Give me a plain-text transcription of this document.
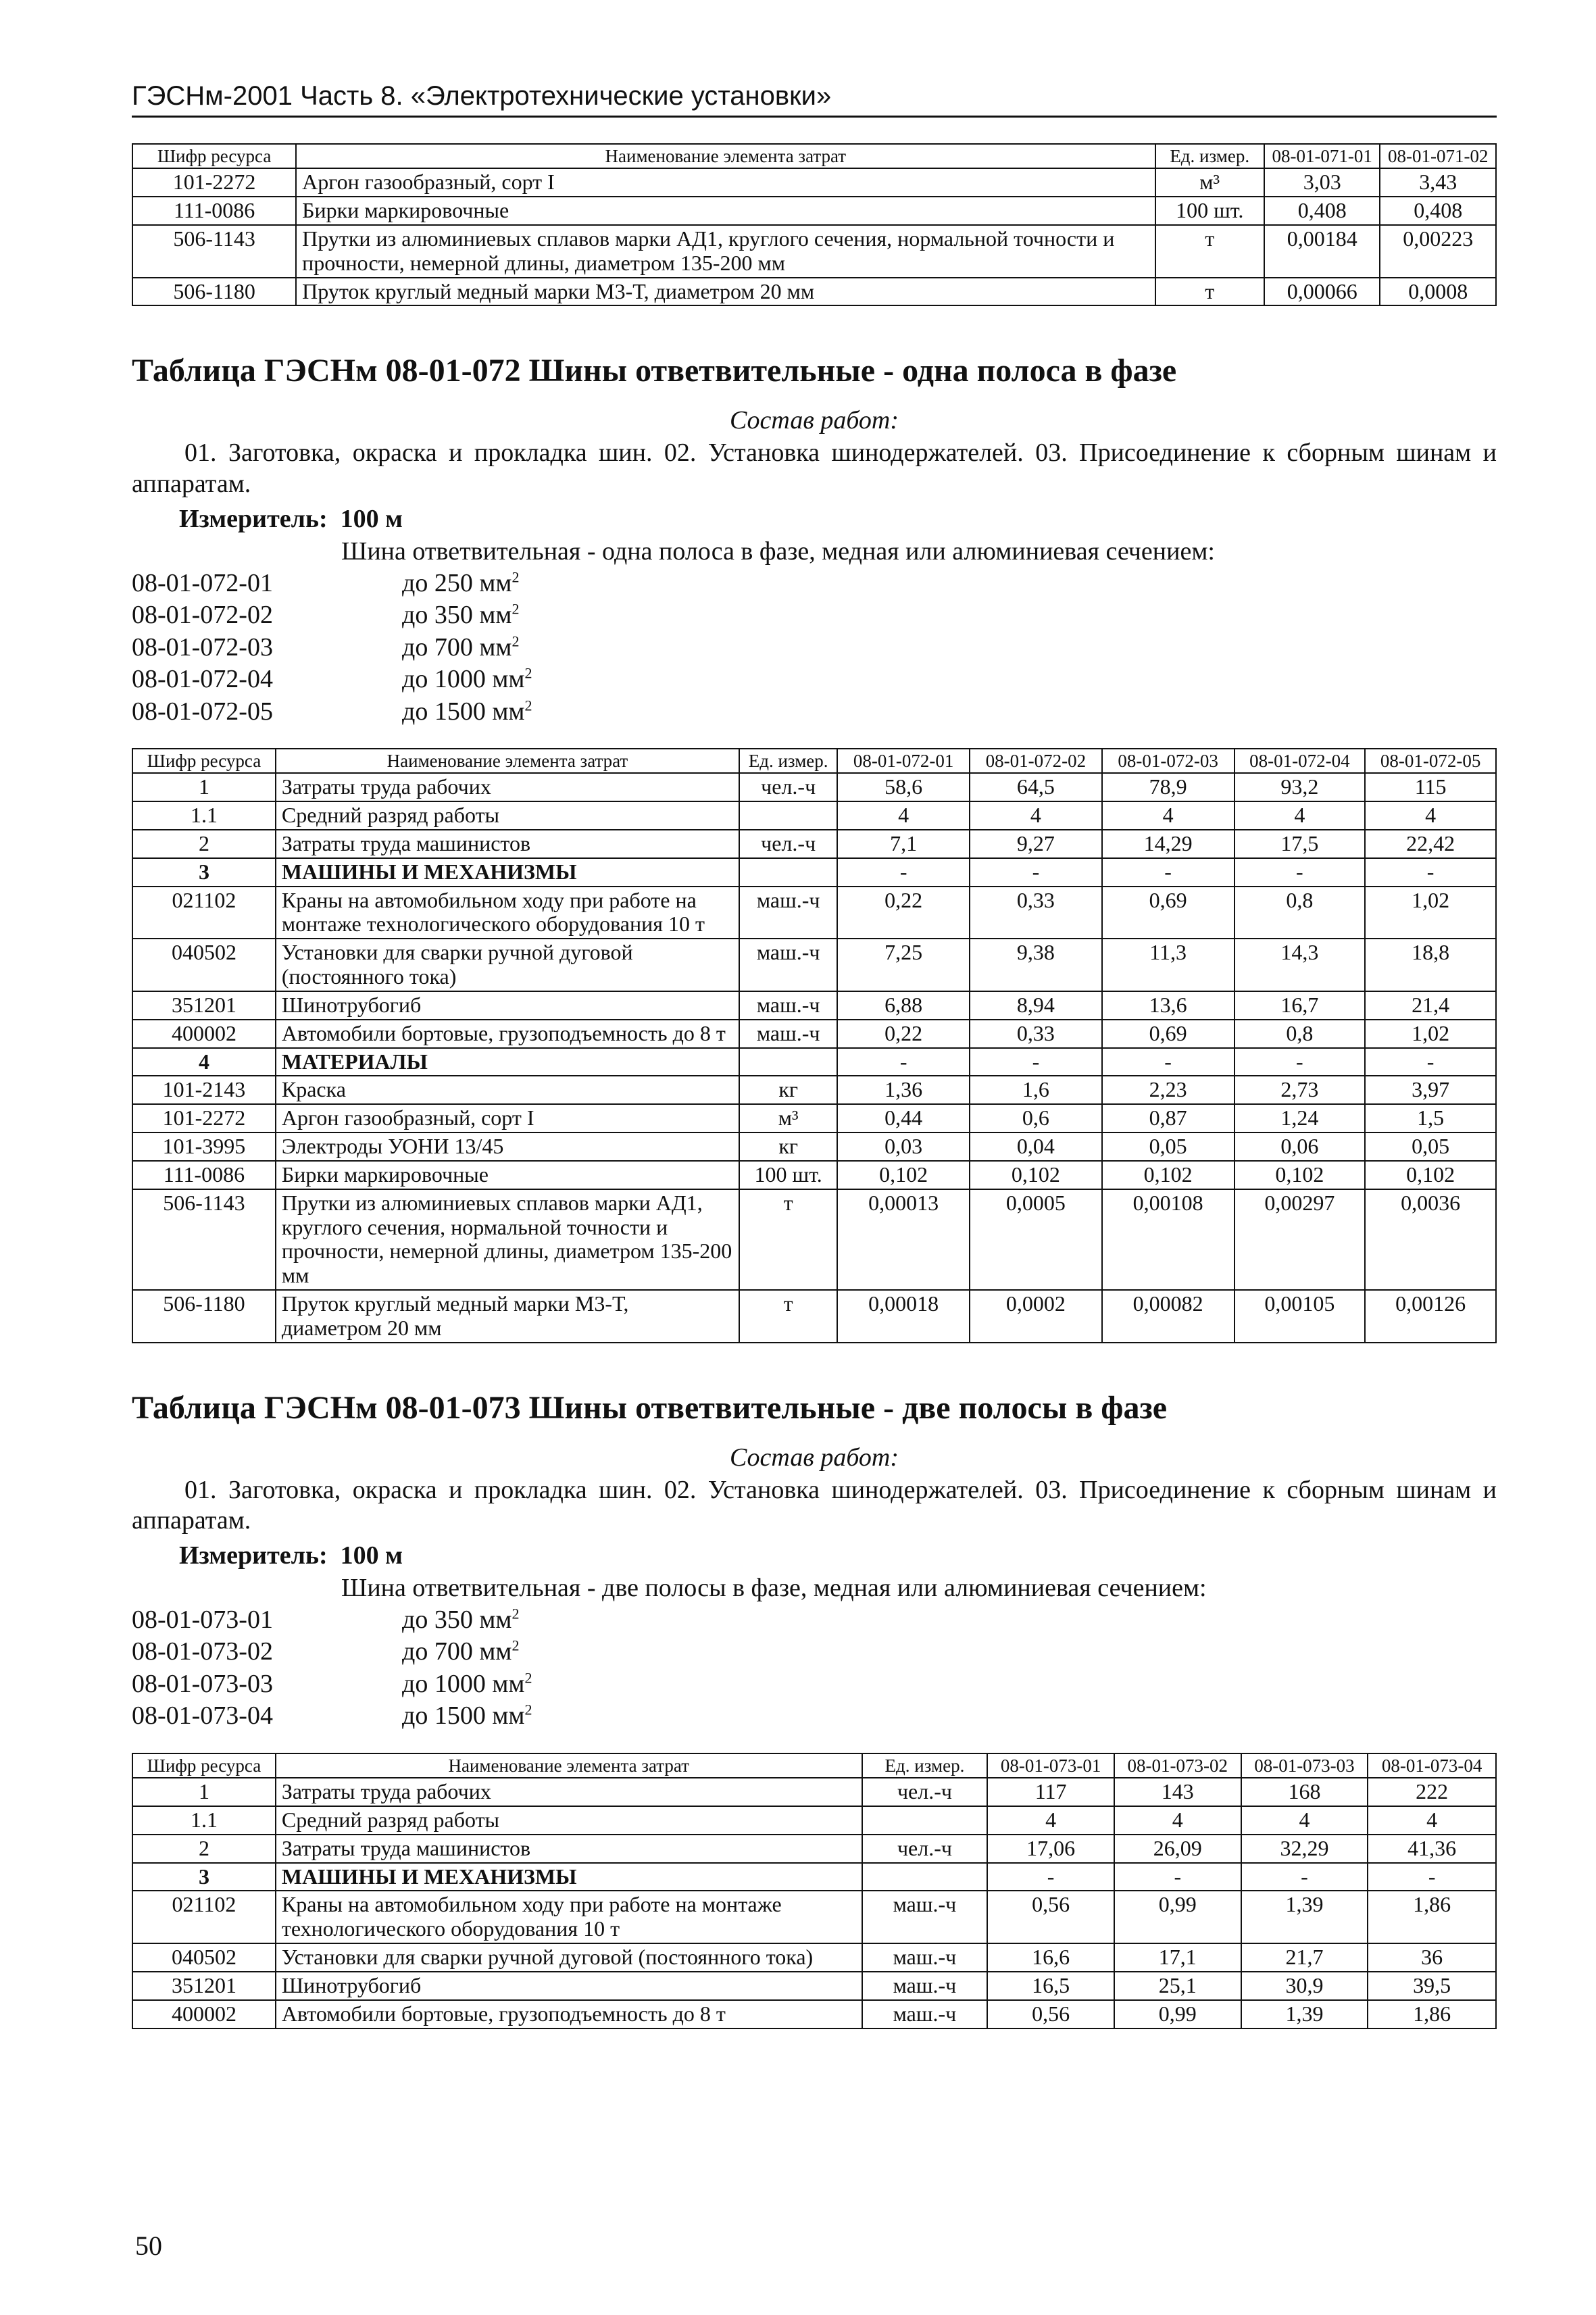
ГЭСНм-2001 Часть 8. «Электротехнические установки»
Шифр ресурса	Наименование элемента затрат	Ед. измер.	08-01-071-01	08-01-071-02
101-2272	Аргон газообразный, сорт I	м³	3,03	3,43
111-0086	Бирки маркировочные	100 шт.	0,408	0,408
506-1143	Прутки из алюминиевых сплавов марки АД1, круглого сечения, нормальной точности и прочности, немерной длины, диаметром 135-200 мм	т	0,00184	0,00223
506-1180	Пруток круглый медный марки М3-Т, диаметром 20 мм	т	0,00066	0,0008
Таблица ГЭСНм 08-01-072 Шины ответвительные - одна полоса в фазе
Состав работ:

01. Заготовка, окраска и прокладка шин. 02. Установка шинодержателей. 03. Присоединение к сборным шинам и аппаратам.

Измеритель: 100 м
Шина ответвительная - одна полоса в фазе, медная или алюминиевая сечением:
08-01-072-01	до 250 $мм^2$
08-01-072-02	до 350 $мм^2$
08-01-072-03	до 700 $мм^2$
08-01-072-04	до 1000 $мм^2$
08-01-072-05	до 1500 $мм^2$
Шифр ресурса	Наименование элемента затрат	Ед. измер.	08-01-072-01	08-01-072-02	08-01-072-03	08-01-072-04	08-01-072-05
1	Затраты труда рабочих	чел.-ч	58,6	64,5	78,9	93,2	115
1.1	Средний разряд работы		4	4	4	4	4
2	Затраты труда машинистов	чел.-ч	7,1	9,27	14,29	17,5	22,42
3	МАШИНЫ И МЕХАНИЗМЫ		-	-	-	-	-
021102	Краны на автомобильном ходу при работе на монтаже технологического оборудования 10 т	маш.-ч	0,22	0,33	0,69	0,8	1,02
040502	Установки для сварки ручной дуговой (постоянного тока)	маш.-ч	7,25	9,38	11,3	14,3	18,8
351201	Шинотрубогиб	маш.-ч	6,88	8,94	13,6	16,7	21,4
400002	Автомобили бортовые, грузоподъемность до 8 т	маш.-ч	0,22	0,33	0,69	0,8	1,02
4	МАТЕРИАЛЫ		-	-	-	-	-
101-2143	Краска	кг	1,36	1,6	2,23	2,73	3,97
101-2272	Аргон газообразный, сорт I	м³	0,44	0,6	0,87	1,24	1,5
101-3995	Электроды УОНИ 13/45	кг	0,03	0,04	0,05	0,06	0,05
111-0086	Бирки маркировочные	100 шт.	0,102	0,102	0,102	0,102	0,102
506-1143	Прутки из алюминиевых сплавов марки АД1, круглого сечения, нормальной точности и прочности, немерной длины, диаметром 135-200 мм	т	0,00013	0,0005	0,00108	0,00297	0,0036
506-1180	Пруток круглый медный марки М3-Т, диаметром 20 мм	т	0,00018	0,0002	0,00082	0,00105	0,00126
Таблица ГЭСНм 08-01-073 Шины ответвительные - две полосы в фазе
Состав работ:

01. Заготовка, окраска и прокладка шин. 02. Установка шинодержателей. 03. Присоединение к сборным шинам и аппаратам.

Измеритель: 100 м
Шина ответвительная - две полосы в фазе, медная или алюминиевая сечением:
08-01-073-01	до 350 $мм^2$
08-01-073-02	до 700 $мм^2$
08-01-073-03	до 1000 $мм^2$
08-01-073-04	до 1500 $мм^2$
Шифр ресурса	Наименование элемента затрат	Ед. измер.	08-01-073-01	08-01-073-02	08-01-073-03	08-01-073-04
1	Затраты труда рабочих	чел.-ч	117	143	168	222
1.1	Средний разряд работы		4	4	4	4
2	Затраты труда машинистов	чел.-ч	17,06	26,09	32,29	41,36
3	МАШИНЫ И МЕХАНИЗМЫ		-	-	-	-
021102	Краны на автомобильном ходу при работе на монтаже технологического оборудования 10 т	маш.-ч	0,56	0,99	1,39	1,86
040502	Установки для сварки ручной дуговой (постоянного тока)	маш.-ч	16,6	17,1	21,7	36
351201	Шинотрубогиб	маш.-ч	16,5	25,1	30,9	39,5
400002	Автомобили бортовые, грузоподъемность до 8 т	маш.-ч	0,56	0,99	1,39	1,86
50
